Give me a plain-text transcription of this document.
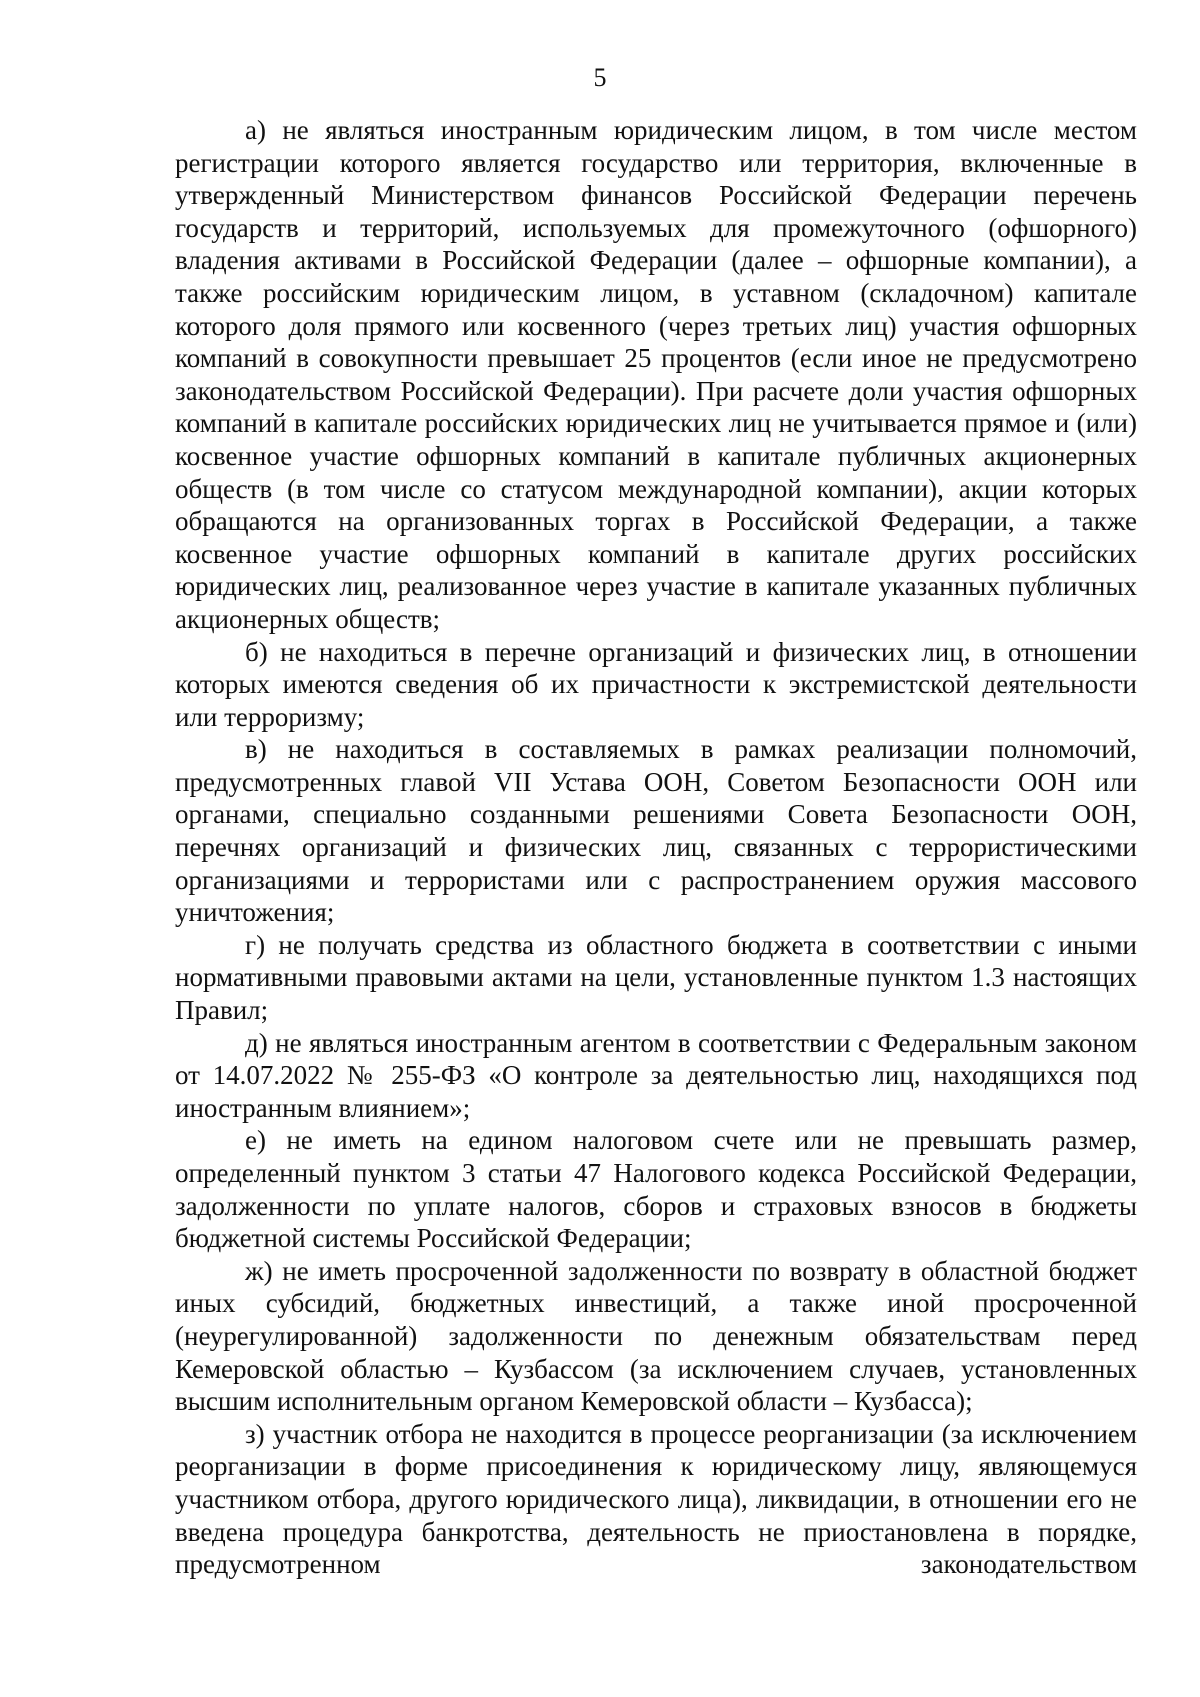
5

а) не являться иностранным юридическим лицом, в том числе местом регистрации которого является государство или территория, включенные в утвержденный Министерством финансов Российской Федерации перечень государств и территорий, используемых для промежуточного (офшорного) владения активами в Российской Федерации (далее – офшорные компании), а также российским юридическим лицом, в уставном (складочном) капитале которого доля прямого или косвенного (через третьих лиц) участия офшорных компаний в совокупности превышает 25 процентов (если иное не предусмотрено законодательством Российской Федерации). При расчете доли участия офшорных компаний в капитале российских юридических лиц не учитывается прямое и (или) косвенное участие офшорных компаний в капитале публичных акционерных обществ (в том числе со статусом международной компании), акции которых обращаются на организованных торгах в Российской Федерации, а также косвенное участие офшорных компаний в капитале других российских юридических лиц, реализованное через участие в капитале указанных публичных акционерных обществ;

б) не находиться в перечне организаций и физических лиц, в отношении которых имеются сведения об их причастности к экстремистской деятельности или терроризму;

в) не находиться в составляемых в рамках реализации полномочий, предусмотренных главой VII Устава ООН, Советом Безопасности ООН или органами, специально созданными решениями Совета Безопасности ООН, перечнях организаций и физических лиц, связанных с террористическими организациями и террористами или с распространением оружия массового уничтожения;

г) не получать средства из областного бюджета в соответствии с иными нормативными правовыми актами на цели, установленные пунктом 1.3 настоящих Правил;

д) не являться иностранным агентом в соответствии с Федеральным законом от 14.07.2022 № 255-ФЗ «О контроле за деятельностью лиц, находящихся под иностранным влиянием»;

е) не иметь на едином налоговом счете или не превышать размер, определенный пунктом 3 статьи 47 Налогового кодекса Российской Федерации, задолженности по уплате налогов, сборов и страховых взносов в бюджеты бюджетной системы Российской Федерации;

ж) не иметь просроченной задолженности по возврату в областной бюджет иных субсидий, бюджетных инвестиций, а также иной просроченной (неурегулированной) задолженности по денежным обязательствам перед Кемеровской областью – Кузбассом (за исключением случаев, установленных высшим исполнительным органом Кемеровской области – Кузбасса);

з) участник отбора не находится в процессе реорганизации (за исключением реорганизации в форме присоединения к юридическому лицу, являющемуся участником отбора, другого юридического лица), ликвидации, в отношении его не введена процедура банкротства, деятельность не приостановлена в порядке, предусмотренном законодательством
